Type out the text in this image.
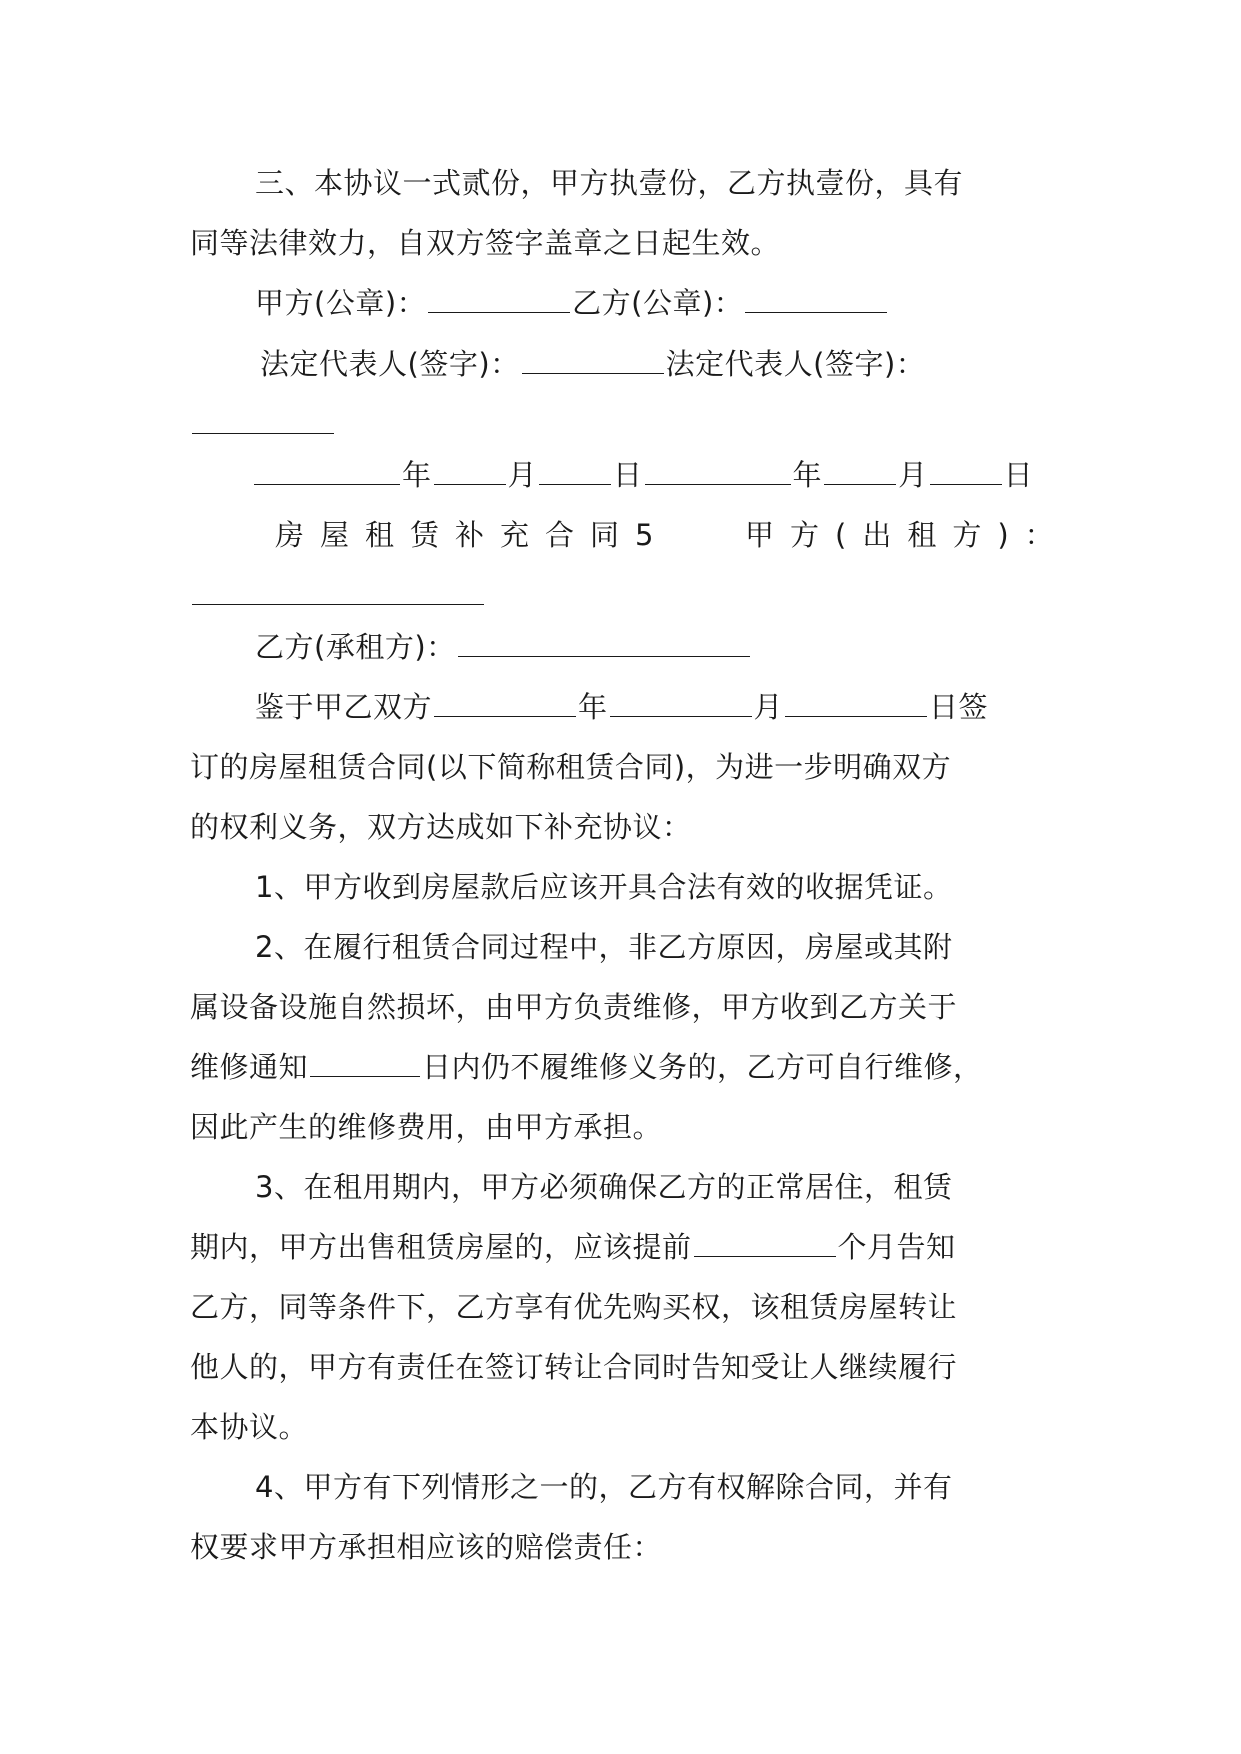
三、本协议一式贰份，甲方执壹份，乙方执壹份，具有
同等法律效力，自双方签字盖章之日起生效。
甲方(公章)：	乙方(公章)：
法定代表人(签字)：	法定代表人(签字)：
年	月	日	年	月	日
房屋租赁补充合同5	甲方(出租方)：
乙方(承租方)：
鉴于甲乙双方	年	月	日签
订的房屋租赁合同(以下简称租赁合同)，为进一步明确双方
的权利义务，双方达成如下补充协议：
1、甲方收到房屋款后应该开具合法有效的收据凭证。
2、在履行租赁合同过程中，非乙方原因，房屋或其附
属设备设施自然损坏，由甲方负责维修，甲方收到乙方关于
维修通知	日内仍不履维修义务的，乙方可自行维修，
因此产生的维修费用，由甲方承担。
3、在租用期内，甲方必须确保乙方的正常居住，租赁
期内，甲方出售租赁房屋的，应该提前	个月告知
乙方，同等条件下，乙方享有优先购买权，该租赁房屋转让
他人的，甲方有责任在签订转让合同时告知受让人继续履行
本协议。
4、甲方有下列情形之一的，乙方有权解除合同，并有
权要求甲方承担相应该的赔偿责任：
